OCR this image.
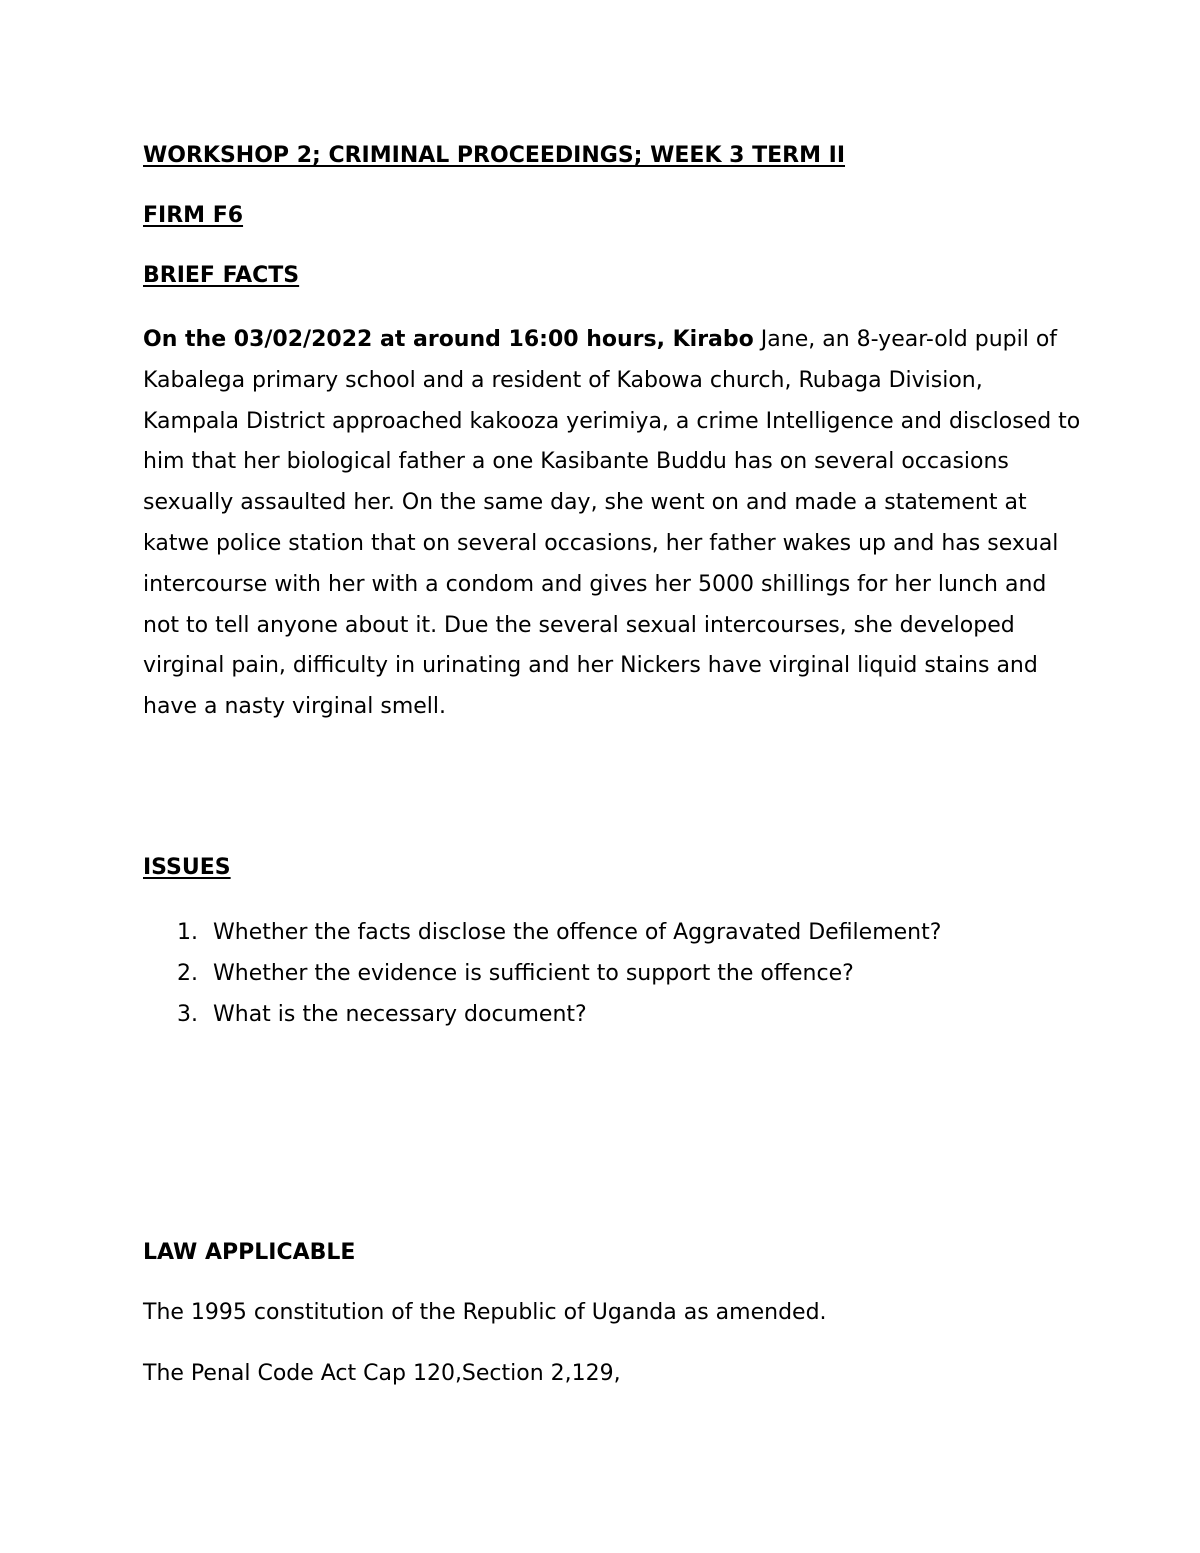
WORKSHOP 2; CRIMINAL PROCEEDINGS; WEEK 3 TERM II

FIRM F6

BRIEF FACTS

On the 03/02/2022 at around 16:00 hours, Kirabo Jane, an 8-year-old pupil of Kabalega primary school and a resident of Kabowa church, Rubaga Division, Kampala District approached kakooza yerimiya, a crime Intelligence and disclosed to him that her biological father a one Kasibante Buddu has on several occasions sexually assaulted her. On the same day, she went on and made a statement at katwe police station that on several occasions, her father wakes up and has sexual intercourse with her with a condom and gives her 5000 shillings for her lunch and not to tell anyone about it. Due the several sexual intercourses, she developed virginal pain, difficulty in urinating and her Nickers have virginal liquid stains and have a nasty virginal smell.

ISSUES

1. Whether the facts disclose the offence of Aggravated Defilement?
2. Whether the evidence is sufficient to support the offence?
3. What is the necessary document?

LAW APPLICABLE

The 1995 constitution of the Republic of Uganda as amended.

The Penal Code Act Cap 120,Section 2,129,
